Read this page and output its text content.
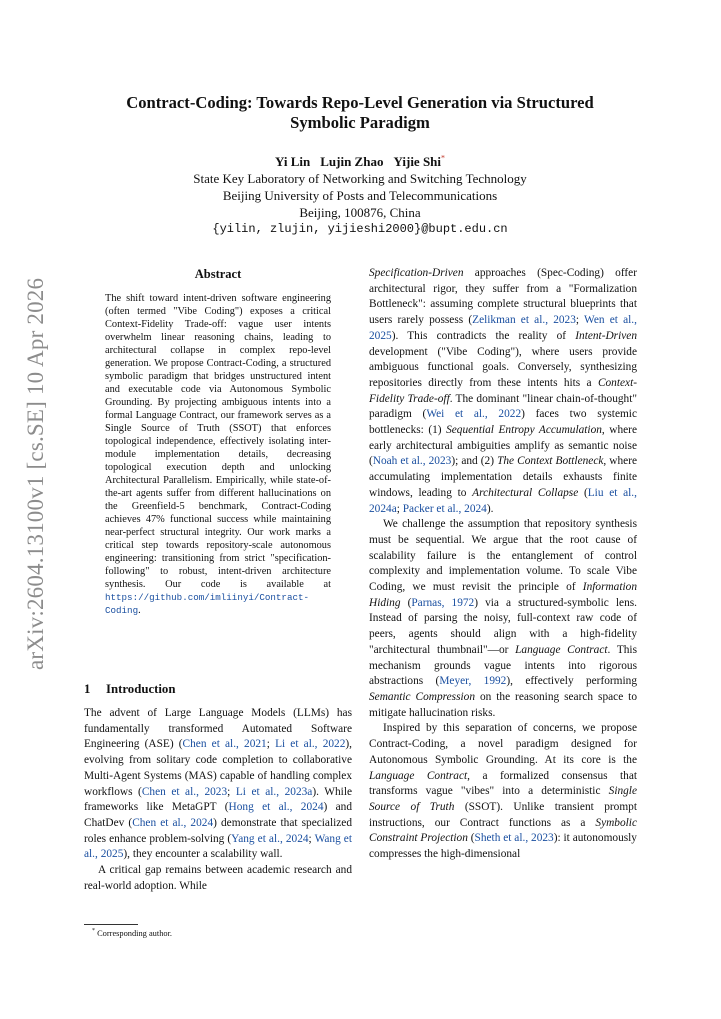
arXiv:2604.13100v1 [cs.SE] 10 Apr 2026
Contract-Coding: Towards Repo-Level Generation via Structured
Symbolic Paradigm
Yi Lin Lujin Zhao Yijie Shi*
State Key Laboratory of Networking and Switching Technology
Beijing University of Posts and Telecommunications
Beijing, 100876, China
{yilin, zlujin, yijieshi2000}@bupt.edu.cn
Abstract
The shift toward intent-driven software engineering (often termed "Vibe Coding") exposes a critical Context-Fidelity Trade-off: vague user intents overwhelm linear reasoning chains, leading to architectural collapse in complex repo-level generation. We propose Contract-Coding, a structured symbolic paradigm that bridges unstructured intent and executable code via Autonomous Symbolic Grounding. By projecting ambiguous intents into a formal Language Contract, our framework serves as a Single Source of Truth (SSOT) that enforces topological independence, effectively isolating inter-module implementation details, decreasing topological execution depth and unlocking Architectural Parallelism. Empirically, while state-of-the-art agents suffer from different hallucinations on the Greenfield-5 benchmark, Contract-Coding achieves 47% functional success while maintaining near-perfect structural integrity. Our work marks a critical step towards repository-scale autonomous engineering: transitioning from strict "specification-following" to robust, intent-driven architecture synthesis. Our code is available at https://github.com/imliinyi/Contract-Coding.
1 Introduction

The advent of Large Language Models (LLMs) has fundamentally transformed Automated Software Engineering (ASE) (Chen et al., 2021; Li et al., 2022), evolving from solitary code completion to collaborative Multi-Agent Systems (MAS) capable of handling complex workflows (Chen et al., 2023; Li et al., 2023a). While frameworks like MetaGPT (Hong et al., 2024) and ChatDev (Chen et al., 2024) demonstrate that specialized roles enhance problem-solving (Yang et al., 2024; Wang et al., 2025), they encounter a scalability wall.

A critical gap remains between academic research and real-world adoption. While

Specification-Driven approaches (Spec-Coding) offer architectural rigor, they suffer from a "Formalization Bottleneck": assuming complete structural blueprints that users rarely possess (Zelikman et al., 2023; Wen et al., 2025). This contradicts the reality of Intent-Driven development ("Vibe Coding"), where users provide ambiguous functional goals. Conversely, synthesizing repositories directly from these intents hits a Context-Fidelity Trade-off. The dominant "linear chain-of-thought" paradigm (Wei et al., 2022) faces two systemic bottlenecks: (1) Sequential Entropy Accumulation, where early architectural ambiguities amplify as semantic noise (Noah et al., 2023); and (2) The Context Bottleneck, where accumulating implementation details exhausts finite windows, leading to Architectural Collapse (Liu et al., 2024a; Packer et al., 2024).

We challenge the assumption that repository synthesis must be sequential. We argue that the root cause of scalability failure is the entanglement of control complexity and implementation volume. To scale Vibe Coding, we must revisit the principle of Information Hiding (Parnas, 1972) via a structured-symbolic lens. Instead of parsing the noisy, full-context raw code of peers, agents should align with a high-fidelity "architectural thumbnail"—or Language Contract. This mechanism grounds vague intents into rigorous abstractions (Meyer, 1992), effectively performing Semantic Compression on the reasoning search space to mitigate hallucination risks.

Inspired by this separation of concerns, we propose Contract-Coding, a novel paradigm designed for Autonomous Symbolic Grounding. At its core is the Language Contract, a formalized consensus that transforms vague "vibes" into a deterministic Single Source of Truth (SSOT). Unlike transient prompt instructions, our Contract functions as a Symbolic Constraint Projection (Sheth et al., 2023): it autonomously compresses the high-dimensional

* Corresponding author.
